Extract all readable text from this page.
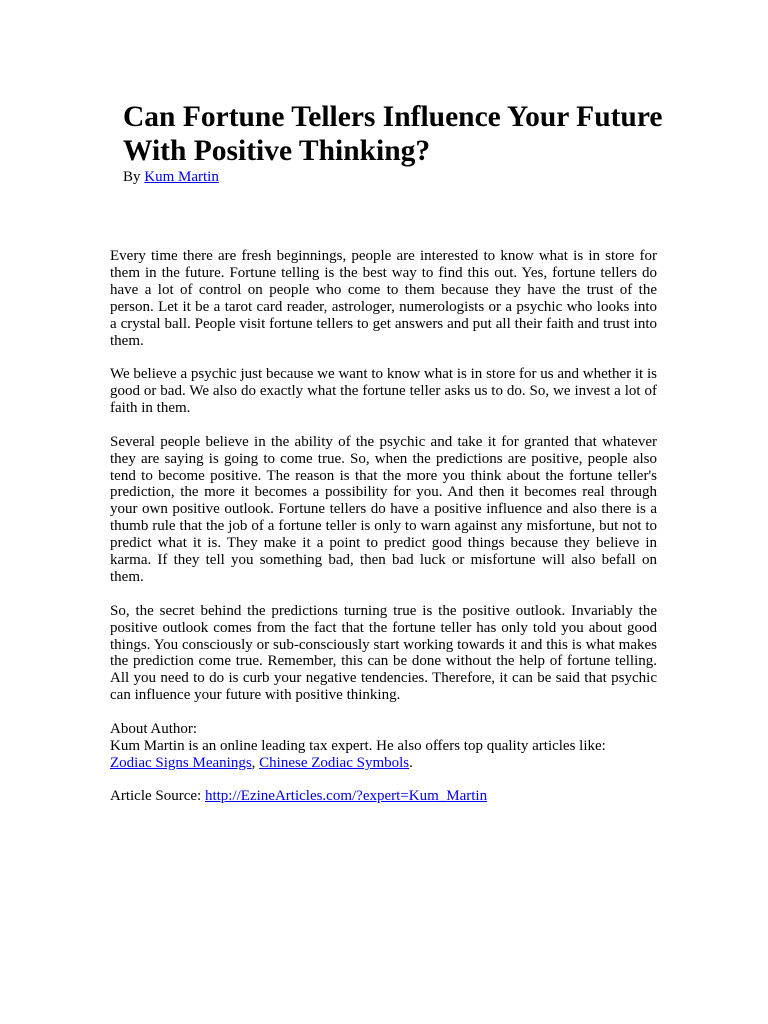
Can Fortune Tellers Influence Your Future With Positive Thinking?
By Kum Martin

Every time there are fresh beginnings, people are interested to know what is in store for them in the future. Fortune telling is the best way to find this out. Yes, fortune tellers do have a lot of control on people who come to them because they have the trust of the person. Let it be a tarot card reader, astrologer, numerologists or a psychic who looks into a crystal ball. People visit fortune tellers to get answers and put all their faith and trust into them.

We believe a psychic just because we want to know what is in store for us and whether it is good or bad. We also do exactly what the fortune teller asks us to do. So, we invest a lot of faith in them.

Several people believe in the ability of the psychic and take it for granted that whatever they are saying is going to come true. So, when the predictions are positive, people also tend to become positive. The reason is that the more you think about the fortune teller's prediction, the more it becomes a possibility for you. And then it becomes real through your own positive outlook. Fortune tellers do have a positive influence and also there is a thumb rule that the job of a fortune teller is only to warn against any misfortune, but not to predict what it is. They make it a point to predict good things because they believe in karma. If they tell you something bad, then bad luck or misfortune will also befall on them.

So, the secret behind the predictions turning true is the positive outlook. Invariably the positive outlook comes from the fact that the fortune teller has only told you about good things. You consciously or sub-consciously start working towards it and this is what makes the prediction come true. Remember, this can be done without the help of fortune telling. All you need to do is curb your negative tendencies. Therefore, it can be said that psychic can influence your future with positive thinking.

About Author:

Kum Martin is an online leading tax expert. He also offers top quality articles like:

Zodiac Signs Meanings, Chinese Zodiac Symbols.

Article Source: http://EzineArticles.com/?expert=Kum_Martin
